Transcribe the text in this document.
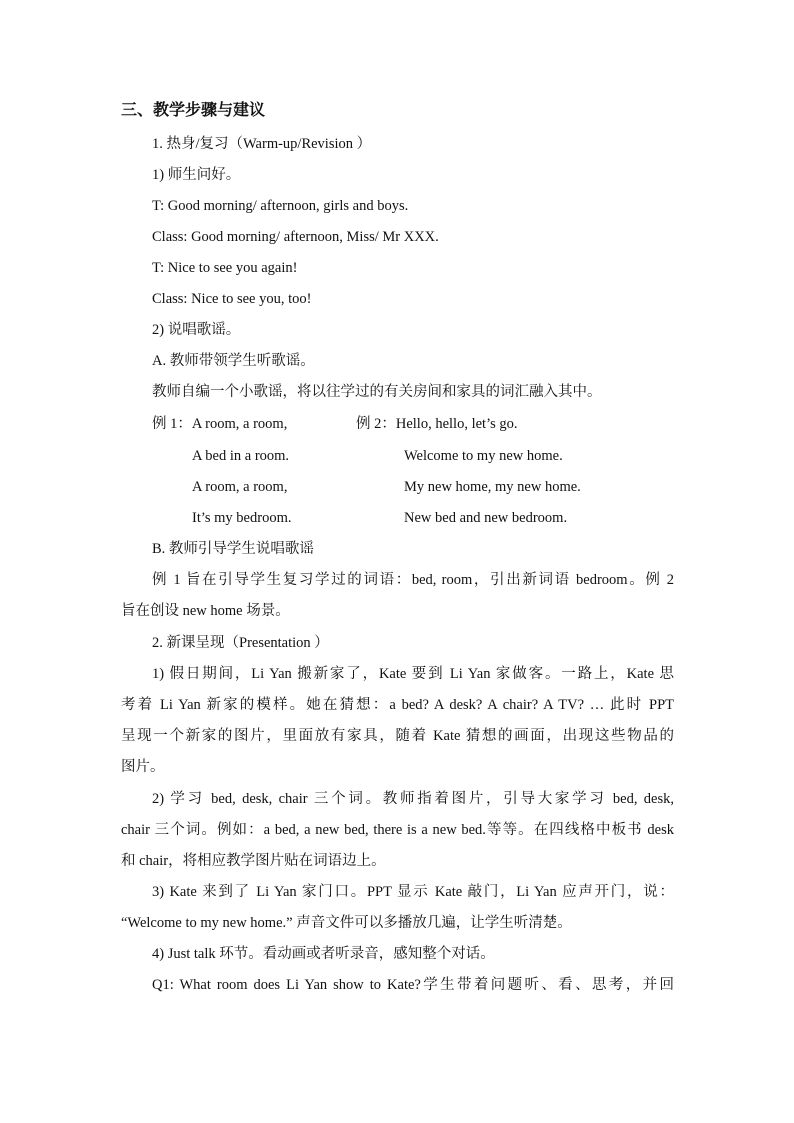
三、教学步骤与建议
1. 热身/复习（Warm-up/Revision ）
1) 师生问好。
T: Good morning/ afternoon, girls and boys.
Class: Good morning/ afternoon, Miss/ Mr XXX.
T: Nice to see you again!
Class: Nice to see you, too!
2) 说唱歌谣。
A. 教师带领学生听歌谣。
教师自编一个小歌谣，将以往学过的有关房间和家具的词汇融入其中。
例 1：A room, a room,	例 2：Hello, hello, let’s go.
A bed in a room.	Welcome to my new home.
A room, a room,	My new home, my new home.
It’s my bedroom.	New bed and new bedroom.
B. 教师引导学生说唱歌谣
例 1 旨在引导学生复习学过的词语：bed, room，引出新词语 bedroom。例 2
旨在创设 new home 场景。
2. 新课呈现（Presentation ）
1) 假日期间，Li Yan 搬新家了，Kate 要到 Li Yan 家做客。一路上，Kate 思
考着 Li Yan 新家的模样。她在猜想：a bed? A desk? A chair? A TV? … 此时 PPT
呈现一个新家的图片，里面放有家具，随着 Kate 猜想的画面，出现这些物品的
图片。
2) 学习 bed, desk, chair 三个词。教师指着图片，引导大家学习 bed, desk,
chair 三个词。例如：a bed, a new bed, there is a new bed.等等。在四线格中板书 desk
和 chair，将相应教学图片贴在词语边上。
3) Kate 来到了 Li Yan 家门口。PPT 显示 Kate 敲门，Li Yan 应声开门，说：
“Welcome to my new home.” 声音文件可以多播放几遍，让学生听清楚。
4) Just talk 环节。看动画或者听录音，感知整个对话。
Q1: What room does Li Yan show to Kate?学生带着问题听、看、思考，并回
